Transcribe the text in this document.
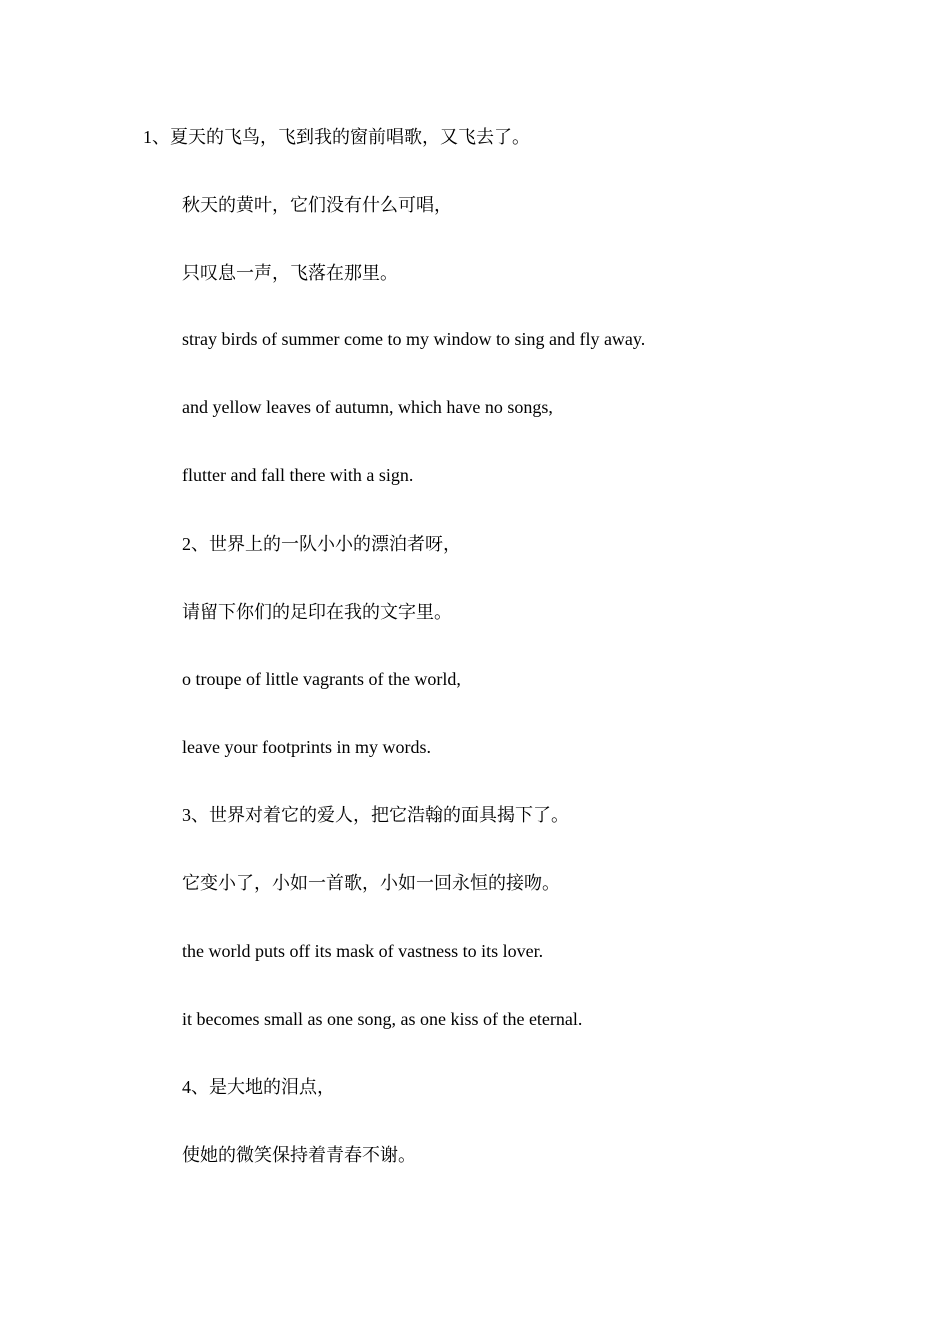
1、夏天的飞鸟，飞到我的窗前唱歌，又飞去了。

秋天的黄叶，它们没有什么可唱，

只叹息一声，飞落在那里。

stray birds of summer come to my window to sing and fly away.

and yellow leaves of autumn, which have no songs,

flutter and fall there with a sign.

2、世界上的一队小小的漂泊者呀，

请留下你们的足印在我的文字里。

o troupe of little vagrants of the world,

leave your footprints in my words.

3、世界对着它的爱人，把它浩翰的面具揭下了。

它变小了，小如一首歌，小如一回永恒的接吻。

the world puts off its mask of vastness to its lover.

it becomes small as one song, as one kiss of the eternal.

4、是大地的泪点，

使她的微笑保持着青春不谢。
